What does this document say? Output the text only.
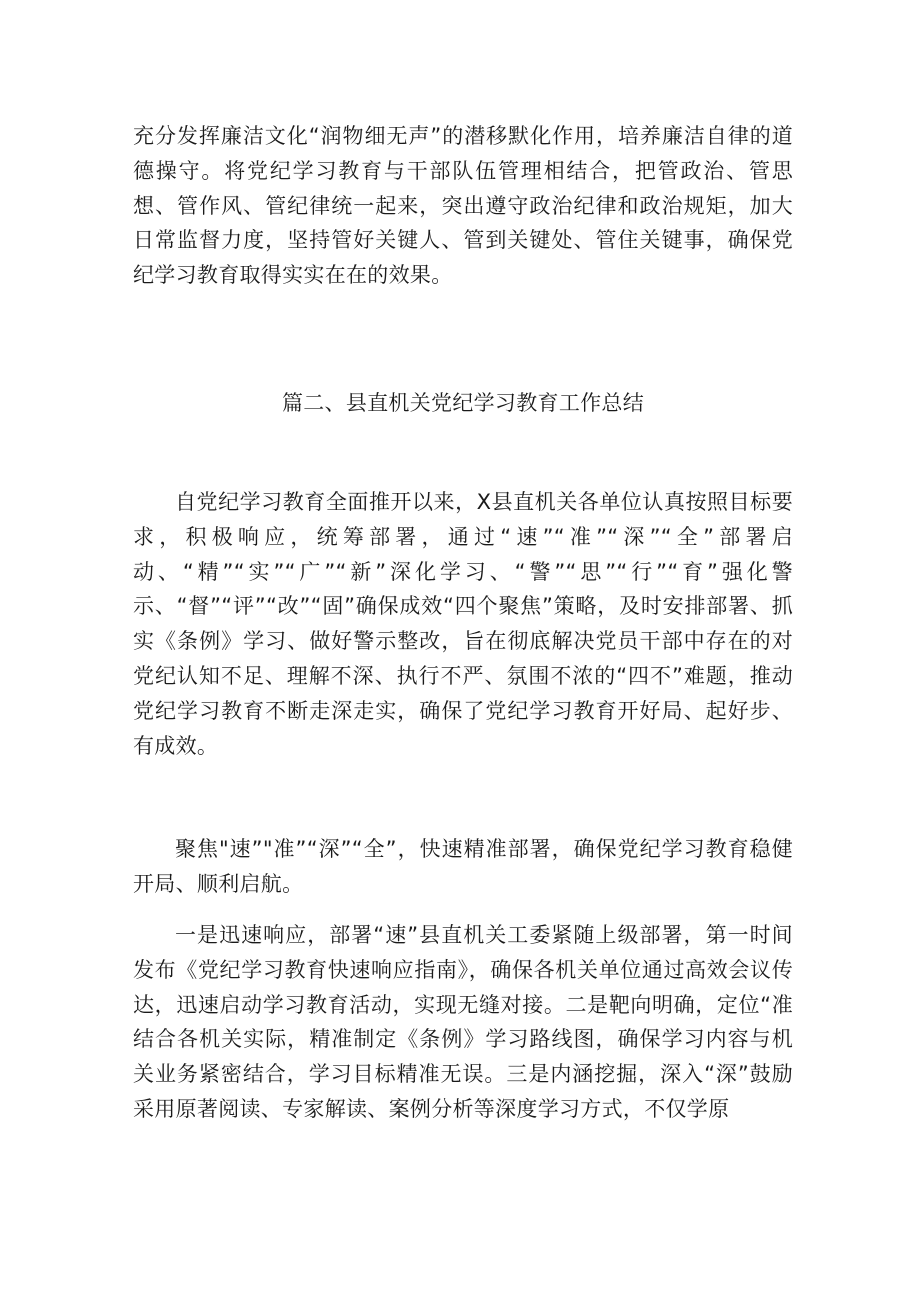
充分发挥廉洁文化“润物细无声”的潜移默化作用，培养廉洁自律的道德操守。将党纪学习教育与干部队伍管理相结合，把管政治、管思想、管作风、管纪律统一起来，突出遵守政治纪律和政治规矩，加大日常监督力度，坚持管好关键人、管到关键处、管住关键事，确保党纪学习教育取得实实在在的效果。

篇二、县直机关党纪学习教育工作总结

自党纪学习教育全面推开以来，X县直机关各单位认真按照目标要求，积极响应，统筹部署，通过“速”“准”“深”“全”部署启动、“精”“实”“广”“新”深化学习、“警”“思”“行”“育”强化警示、“督”“评”“改”“固”确保成效“四个聚焦”策略，及时安排部署、抓实《条例》学习、做好警示整改，旨在彻底解决党员干部中存在的对党纪认知不足、理解不深、执行不严、氛围不浓的“四不”难题，推动党纪学习教育不断走深走实，确保了党纪学习教育开好局、起好步、有成效。

聚焦"速”"准”“深”“全”，快速精准部署，确保党纪学习教育稳健开局、顺利启航。

一是迅速响应，部署“速”县直机关工委紧随上级部署，第一时间发布《党纪学习教育快速响应指南》，确保各机关单位通过高效会议传达，迅速启动学习教育活动，实现无缝对接。二是靶向明确，定位“准结合各机关实际，精准制定《条例》学习路线图，确保学习内容与机关业务紧密结合，学习目标精准无误。三是内涵挖掘，深入“深”鼓励采用原著阅读、专家解读、案例分析等深度学习方式，不仅学原
